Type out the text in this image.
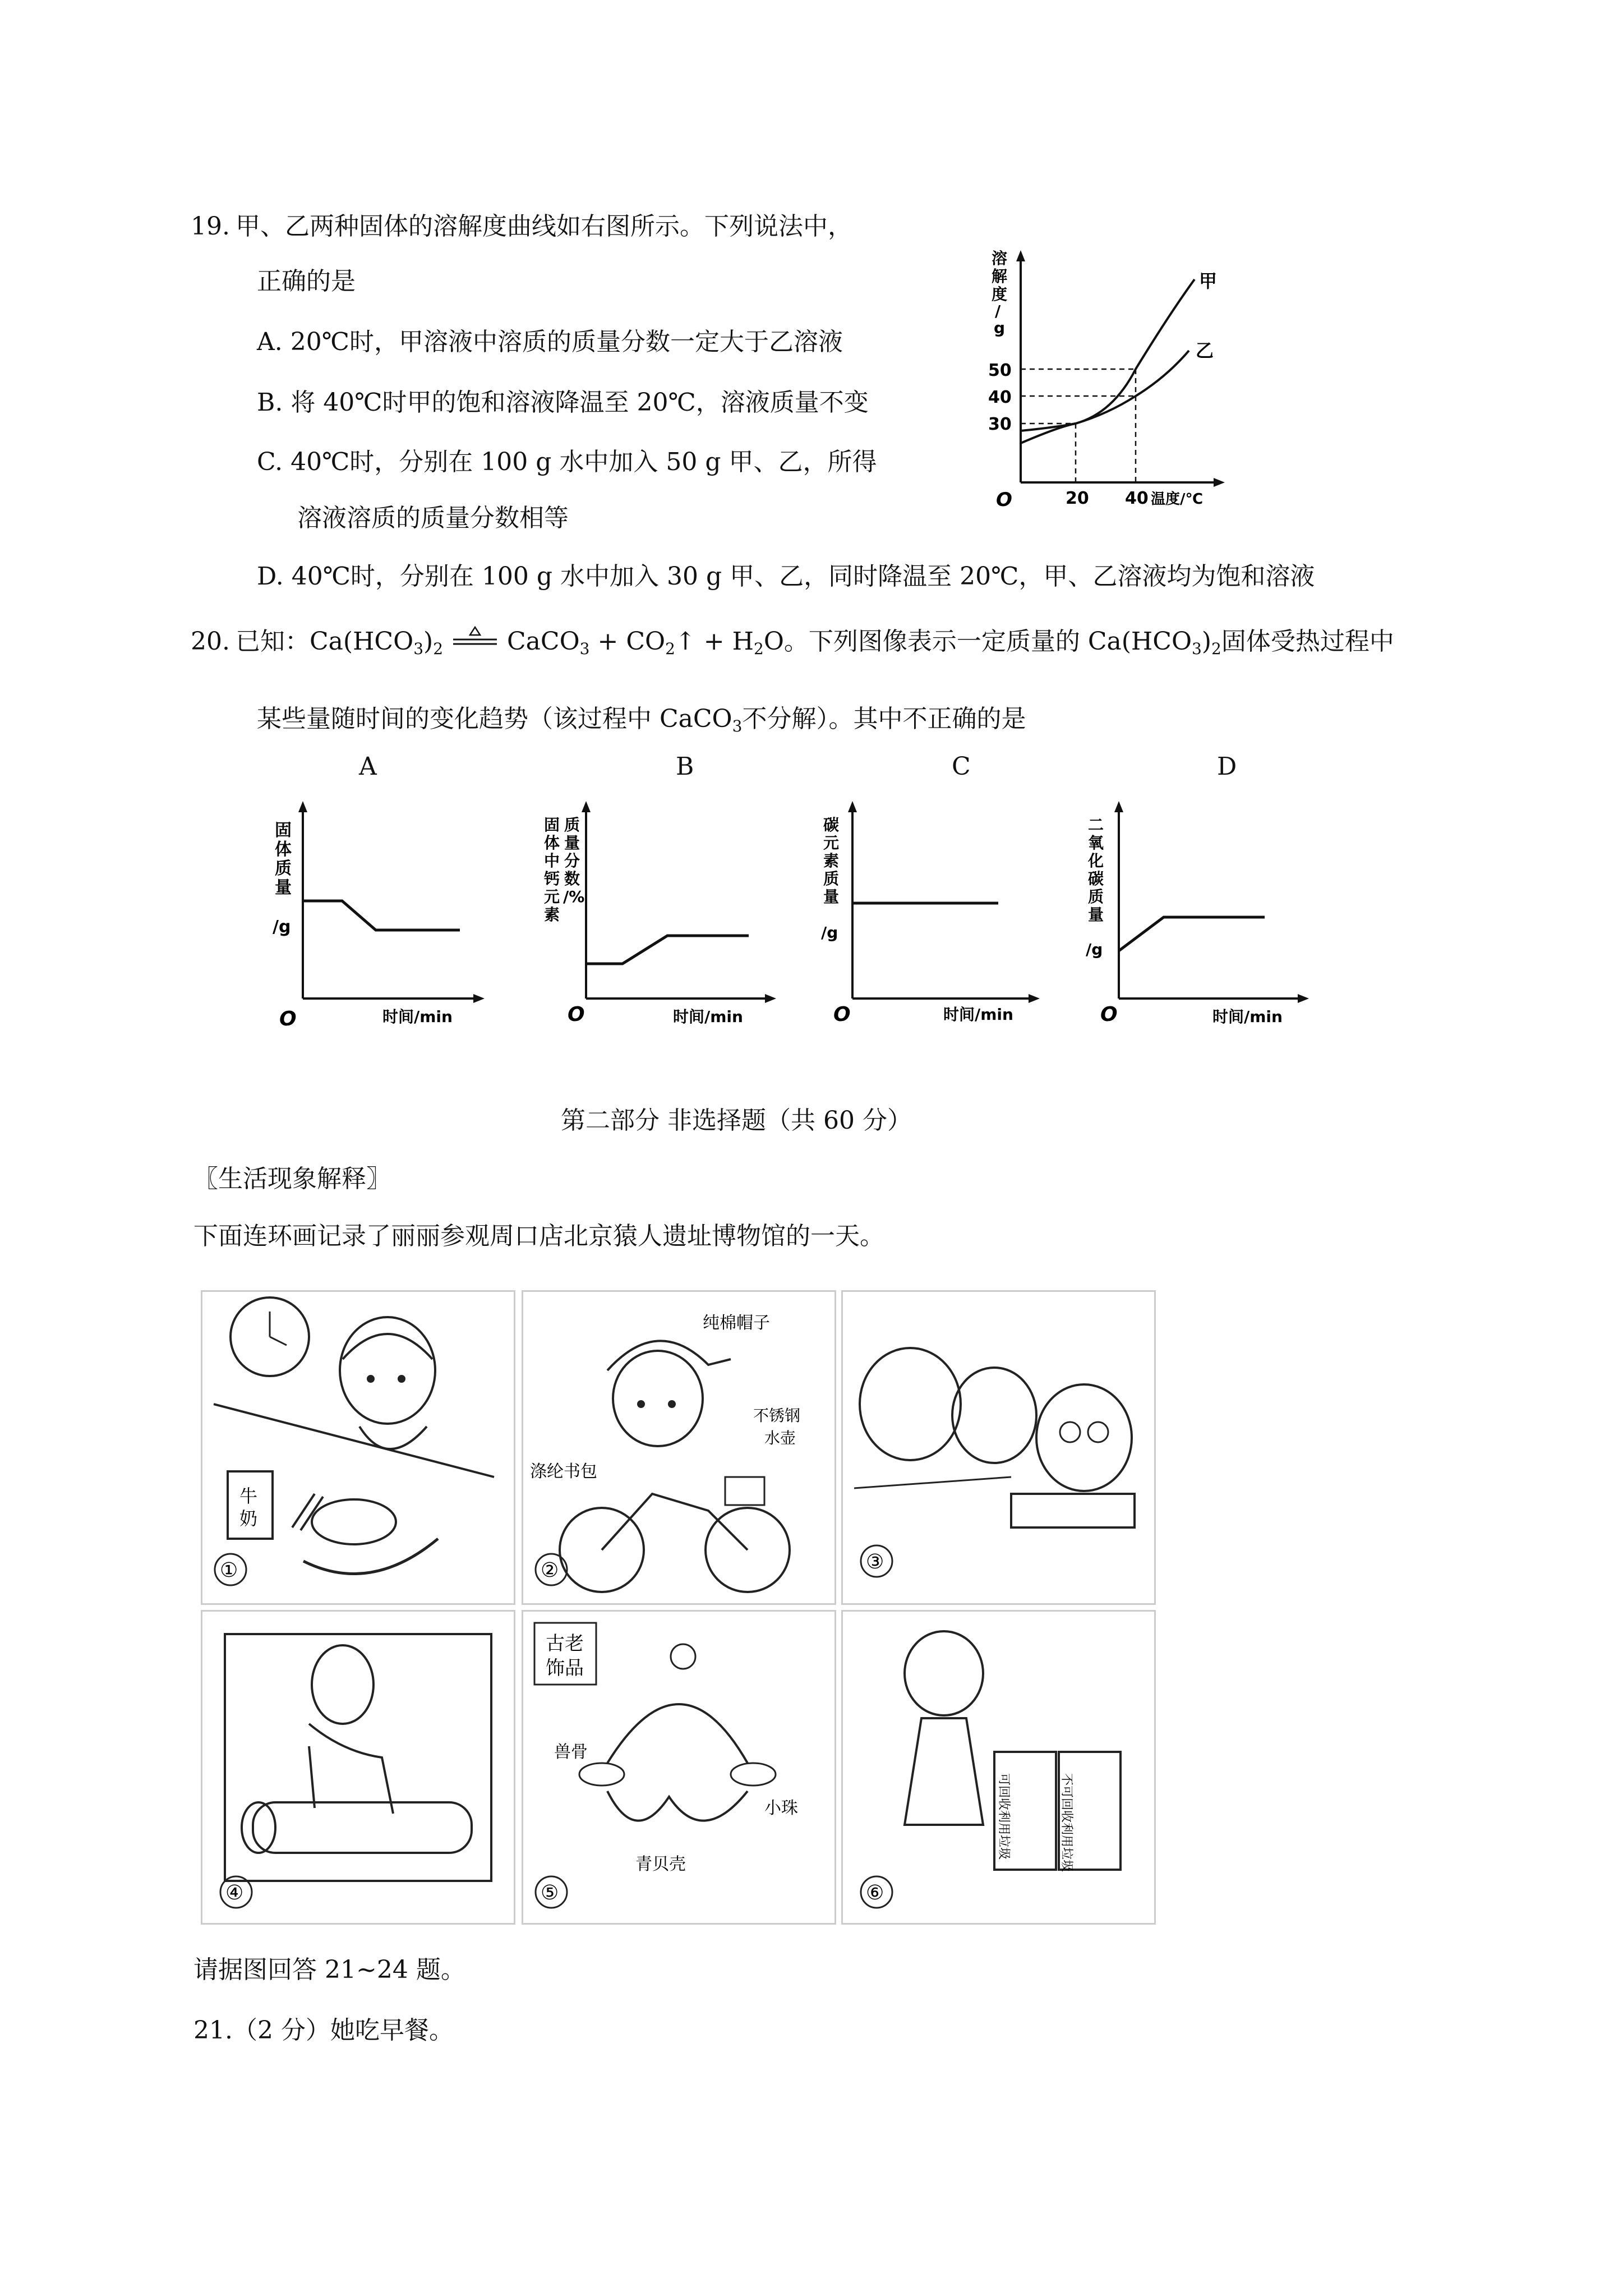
19. 甲、乙两种固体的溶解度曲线如右图所示。下列说法中，
正确的是
A. 20℃时，甲溶液中溶质的质量分数一定大于乙溶液
B. 将 40℃时甲的饱和溶液降温至 20℃，溶液质量不变
C. 40℃时，分别在 100 g 水中加入 50 g 甲、乙，所得
溶液溶质的质量分数相等
D. 40℃时，分别在 100 g 水中加入 30 g 甲、乙，同时降温至 20℃，甲、乙溶液均为饱和溶液
溶
解
度
/
g
甲
乙
50
40
30
O	20 40 温度/℃
20. 已知：Ca(HCO3)2	CaCO3 + CO2↑ + H2O。下列图像表示一定质量的 Ca(HCO3)2固体受热过程中
某些量随时间的变化趋势（该过程中 CaCO3不分解）。其中不正确的是
A	B	C	D
固
体
质
量
/g
O	时间/min
固
体
中
钙
元
素
质
量
分
数
/%
O	时间/min
碳
元
素
质
量
/g
O	时间/min
二
氧
化
碳
质
量
/g
O	时间/min
第二部分 非选择题（共 60 分）
〖生活现象解释〗
下面连环画记录了丽丽参观周口店北京猿人遗址博物馆的一天。
牛
奶
①
纯棉帽子
涤纶书包
不锈钢
水壶
②	③
④
古老
饰品
兽骨
小珠
青贝壳
⑤
可回收利用垃圾	不可回收利用垃圾
⑥
请据图回答 21~24 题。
21.（2 分）她吃早餐。
